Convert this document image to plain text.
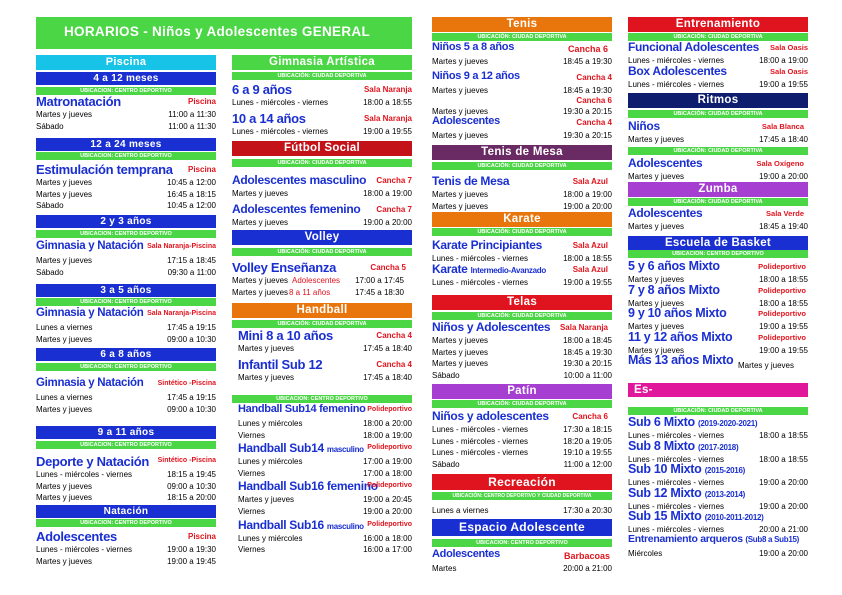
HORARIOS - Niños y Adolescentes GENERAL
Piscina
4 a 12 meses
UBICACION: CENTRO DEPORTIVO
Matronatación	Piscina
Martes y jueves	11:00 a 11:30
Sábado	11:00 a 11:30
12 a 24 meses
UBICACION: CENTRO DEPORTIVO
Estimulación temprana Piscina
Martes y jueves	10:45 a 12:00
Martes y jueves	16:45 a 18:15
Sábado	10:45 a 12:00
2 y 3 años
UBICACION: CENTRO DEPORTIVO
Gimnasia y Natación Sala Naranja-Piscina
Martes y jueves	17:15 a 18:45
Sábado	09:30 a 11:00
3 a 5 años
UBICACION: CENTRO DEPORTIVO
Gimnasia y Natación Sala Naranja-Piscina
Lunes a viernes	17:45 a 19:15
Martes y jueves	09:00 a 10:30
6 a 8 años
UBICACION: CENTRO DEPORTIVO
Gimnasia y Natación Sintético -Piscina
Lunes a viernes	17:45 a 19:15
Martes y jueves	09:00 a 10:30
9 a 11 años
UBICACION: CENTRO DEPORTIVO
Deporte y Natación Sintético -Piscina
Lunes - miércoles - viernes	18:15 a 19:45
Martes y jueves	09:00 a 10:30
Martes y jueves	18:15 a 20:00
Natación
UBICACION: CENTRO DEPORTIVO
Adolescentes	Piscina
Lunes - miércoles - viernes	19:00 a 19:30
Martes y jueves	19:00 a 19:45
Gimnasia Artística
UBICACIÓN: CIUDAD DEPORTIVA
6 a 9 años	Sala Naranja
Lunes - miércoles - viernes	18:00 a 18:55
10 a 14 años	Sala Naranja
Lunes - miércoles - viernes	19:00 a 19:55
Fútbol Social
UBICACIÓN: CIUDAD DEPORTIVA
Adolescentes masculino Cancha 7
Martes y jueves	18:00 a 19:00
Adolescentes femenino Cancha 7
Martes y jueves	19:00 a 20:00
Volley
UBICACIÓN: CIUDAD DEPORTIVA
Volley Enseñanza	Cancha 5
Martes y jueves Adolescentes 17:00 a 17:45
Martes y jueves 8 a 11 años	17:45 a 18:30
Handball
UBICACIÓN: CIUDAD DEPORTIVA
Mini 8 a 10 años	Cancha 4
Martes y jueves	17:45 a 18:40
Infantil Sub 12	Cancha 4
Martes y jueves	17:45 a 18:40
UBICACION: CENTRO DEPORTIVO
Handball Sub14 femenino Polideportivo
Lunes y miércoles	18:00 a 20:00
Viernes	18:00 a 19:00
Handball Sub14 masculino Polideportivo
Lunes y miércoles	17:00 a 19:00
Viernes	17:00 a 18:00
Handball Sub16 femenino
Polideportivo
Martes y jueves	19:00 a 20:45
Viernes	19:00 a 20:00
Handball Sub16 masculino Polideportivo
Lunes y miércoles	16:00 a 18:00
Viernes	16:00 a 17:00
Tenis
UBICACIÓN: CIUDAD DEPORTIVA
Niños 5 a 8 años	Cancha 6
Martes y jueves	18:45 a 19:30
Niños 9 a 12 años	Cancha 4
Martes y jueves	18:45 a 19:30
Cancha 6
Martes y jueves	19:30 a 20:15
Adolescentes	Cancha 4
Martes y jueves	19:30 a 20:15
Tenis de Mesa
UBICACIÓN: CIUDAD DEPORTIVA
Tenis de Mesa	Sala Azul
Martes y jueves	18:00 a 19:00
Martes y jueves	19:00 a 20:00
Karate
UBICACIÓN: CIUDAD DEPORTIVA
Karate Principiantes	Sala Azul
Lunes - miércoles - viernes	18:00 a 18:55
Karate Intermedio-Avanzado	Sala Azul
Lunes - miércoles - viernes	19:00 a 19:55
Telas
UBICACIÓN: CIUDAD DEPORTIVA
Niños y Adolescentes Sala Naranja
Martes y jueves	18:00 a 18:45
Martes y jueves	18:45 a 19:30
Martes y jueves	19:30 a 20:15
Sábado	10:00 a 11:00
Patín
UBICACIÓN: CIUDAD DEPORTIVA
Niños y adolescentes	Cancha 6
Lunes - miércoles - viernes	17:30 a 18:15
Lunes - miércoles - viernes	18:20 a 19:05
Lunes - miércoles - viernes	19:10 a 19:55
Sábado	11:00 a 12:00
Recreación
UBICACIÓN: CENTRO DEPORTIVO Y CIUDAD DEPORTIVA
Lunes a viernes	17:30 a 20:30
Espacio Adolescente
UBICACION: CENTRO DEPORTIVO
Adolescentes	Barbacoas
Martes	20:00 a 21:00
Entrenamiento
UBICACIÓN: CIUDAD DEPORTIVA
Funcional Adolescentes Sala Oasis
Lunes - miércoles - viernes	18:00 a 19:00
Box Adolescentes	Sala Oasis
Lunes - miércoles - viernes	19:00 a 19:55
Ritmos
UBICACIÓN: CIUDAD DEPORTIVA
Niños	Sala Blanca
Martes y jueves	17:45 a 18:40
UBICACIÓN: CIUDAD DEPORTIVA
Adolescentes	Sala Oxígeno
Martes y jueves	19:00 a 20:00
Zumba
UBICACIÓN: CIUDAD DEPORTIVA
Adolescentes	Sala Verde
Martes y jueves	18:45 a 19:40
Escuela de Basket
UBICACION: CENTRO DEPORTIVO
5 y 6 años Mixto	Polideportivo
Martes y jueves	18:00 a 18:55
7 y 8 años Mixto	Polideportivo
Martes y jueves	18:00 a 18:55
9 y 10 años Mixto	Polideportivo
Martes y jueves	19:00 a 19:55
11 y 12 años Mixto	Polideportivo
Martes y jueves	19:00 a 19:55
Más 13 años Mixto Martes y jueves
Es-
UBICACIÓN: CIUDAD DEPORTIVA
Sub 6 Mixto (2019-2020-2021)
Lunes - miércoles - viernes	18:00 a 18:55
Sub 8 Mixto (2017-2018)
Lunes - miércoles - viernes	18:00 a 18:55
Sub 10 Mixto (2015-2016)
Lunes - miércoles - viernes	19:00 a 20:00
Sub 12 Mixto (2013-2014)
Lunes - miércoles - viernes	19:00 a 20:00
Sub 15 Mixto (2010-2011-2012)
Lunes - miércoles - viernes	20:00 a 21:00
Entrenamiento arqueros (Sub8 a Sub15)
Miércoles	19:00 a 20:00
